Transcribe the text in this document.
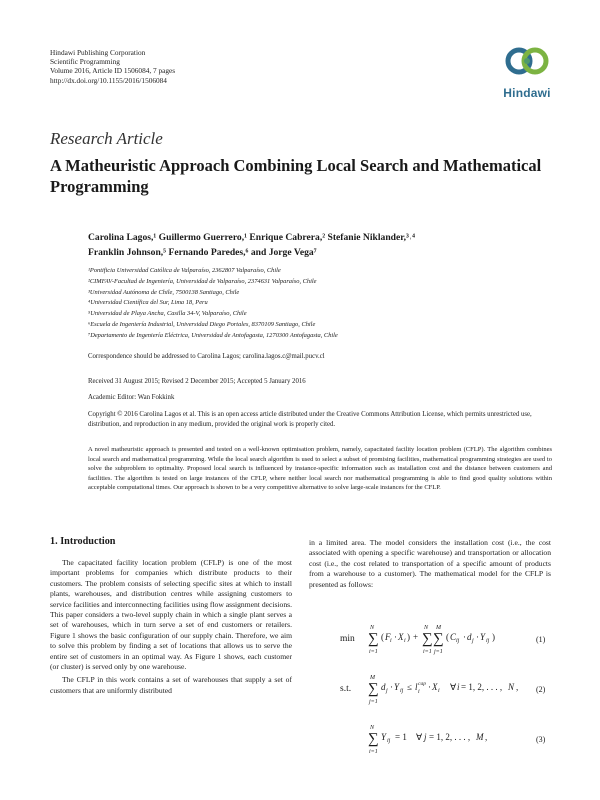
Hindawi Publishing Corporation
Scientific Programming
Volume 2016, Article ID 1506084, 7 pages
http://dx.doi.org/10.1155/2016/1506084
Hindawi
Research Article
A Matheuristic Approach Combining Local Search and Mathematical Programming
Carolina Lagos,¹ Guillermo Guerrero,¹ Enrique Cabrera,² Stefanie Niklander,³˒⁴
Franklin Johnson,⁵ Fernando Paredes,⁶ and Jorge Vega⁷
¹Pontificia Universidad Católica de Valparaíso, 2362807 Valparaíso, Chile
²CIMFAV-Facultad de Ingeniería, Universidad de Valparaíso, 2374631 Valparaíso, Chile
³Universidad Autónoma de Chile, 7500138 Santiago, Chile
⁴Universidad Científica del Sur, Lima 18, Peru
⁵Universidad de Playa Ancha, Casilla 34-V, Valparaíso, Chile
⁶Escuela de Ingeniería Industrial, Universidad Diego Portales, 8370109 Santiago, Chile
⁷Departamento de Ingeniería Eléctrica, Universidad de Antofagasta, 1270300 Antofagasta, Chile
Correspondence should be addressed to Carolina Lagos; carolina.lagos.c@mail.pucv.cl
Received 31 August 2015; Revised 2 December 2015; Accepted 5 January 2016
Academic Editor: Wan Fokkink
Copyright © 2016 Carolina Lagos et al. This is an open access article distributed under the Creative Commons Attribution License, which permits unrestricted use, distribution, and reproduction in any medium, provided the original work is properly cited.
A novel matheuristic approach is presented and tested on a well-known optimisation problem, namely, capacitated facility location problem (CFLP). The algorithm combines local search and mathematical programming. While the local search algorithm is used to select a subset of promising facilities, mathematical programming strategies are used to solve the subproblem to optimality. Proposed local search is influenced by instance-specific information such as installation cost and the distance between customers and facilities. The algorithm is tested on large instances of the CFLP, where neither local search nor mathematical programming is able to find good quality solutions within acceptable computational times. Our approach is shown to be a very competitive alternative to solve large-scale instances for the CFLP.
1. Introduction

The capacitated facility location problem (CFLP) is one of the most important problems for companies which distribute products to their customers. The problem consists of selecting specific sites at which to install plants, warehouses, and distribution centres while assigning customers to service facilities and interconnecting facilities using flow assignment decisions. This paper considers a two-level supply chain in which a single plant serves a set of warehouses, which in turn serve a set of end customers or retailers. Figure 1 shows the basic configuration of our supply chain. Therefore, we aim to solve this problem by finding a set of locations that allows us to serve the entire set of customers in an optimal way. As Figure 1 shows, each customer (or cluster) is served only by one warehouse.

The CFLP in this work contains a set of warehouses that supply a set of customers that are uniformly distributed

in a limited area. The model considers the installation cost (i.e., the cost associated with opening a specific warehouse) and transportation or allocation cost (i.e., the cost related to transportation of a specific amount of products from a warehouse to a customer). The mathematical model for the CFLP is presented as follows:

min
N
∑
i=1
( F i · X i ) +
N
∑
i=1
M
∑
j=1
( C ij · d j · Y ij )	(1)
s.t.
M
∑
j=1
d j · Y ij ≤ l cap
i · X i ∀ i = 1, 2, . . . , N , (2)
N
∑
i=1
Y ij = 1 ∀ j = 1, 2, . . . , M ,	(3)
